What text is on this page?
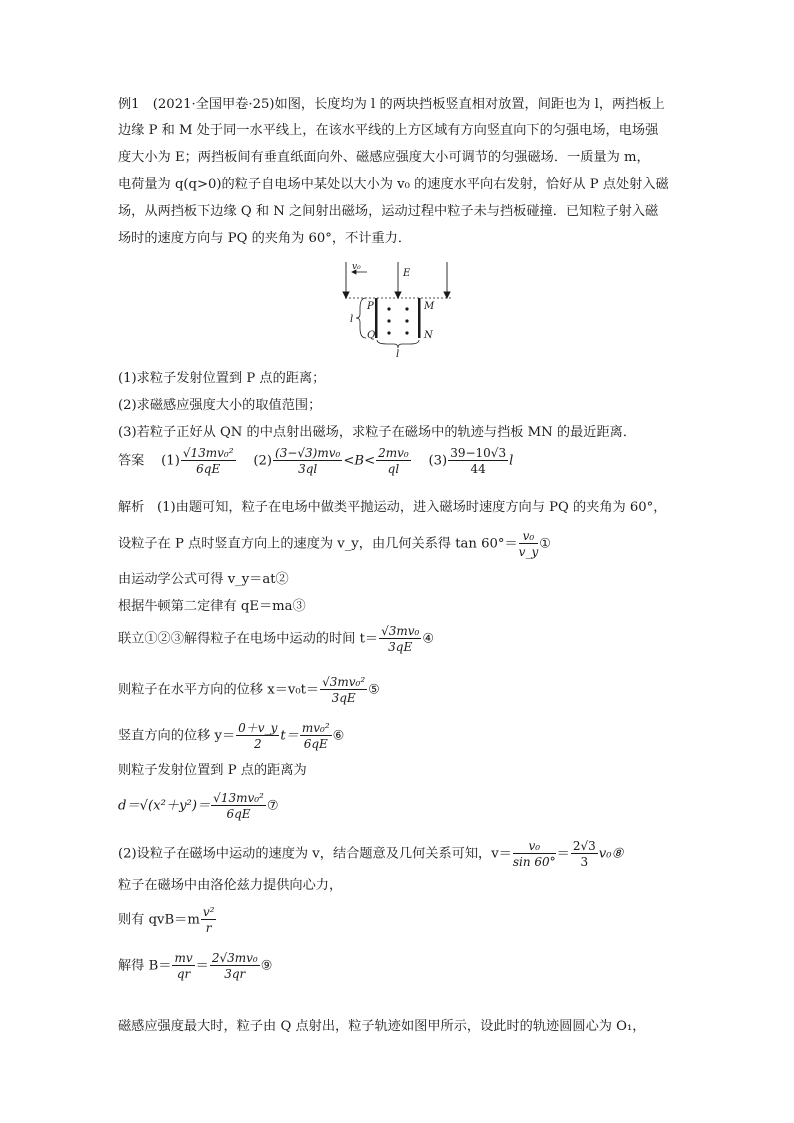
例1　(2021·全国甲卷·25)如图，长度均为 l 的两块挡板竖直相对放置，间距也为 l，两挡板上
边缘 P 和 M 处于同一水平线上，在该水平线的上方区域有方向竖直向下的匀强电场，电场强
度大小为 E；两挡板间有垂直纸面向外、磁感应强度大小可调节的匀强磁场．一质量为 m，
电荷量为 q(q>0)的粒子自电场中某处以大小为 v₀ 的速度水平向右发射，恰好从 P 点处射入磁
场，从两挡板下边缘 Q 和 N 之间射出磁场，运动过程中粒子未与挡板碰撞．已知粒子射入磁
场时的速度方向与 PQ 的夹角为 60°，不计重力．
v₀
E
P	M
Q	N
l
l
(1)求粒子发射位置到 P 点的距离；
(2)求磁感应强度大小的取值范围；
(3)若粒子正好从 QN 的中点射出磁场，求粒子在磁场中的轨迹与挡板 MN 的最近距离．
答案 $(1) \frac{\text{√13mv₀²}}{6qE} (2) \frac{\text{(3−√3)mv₀}}{3ql} <B< \frac{\text{2mv₀}}{ql} (3) \frac{39-10√3}{44}$ l
解析 (1)由题可知，粒子在电场中做类平抛运动，进入磁场时速度方向与 PQ 的夹角为 60°，
设粒子在 P 点时竖直方向上的速度为 v_y，由几何关系得 $\tan 60^\circ= \frac{\text{v₀}}{v\_y}$ ①
由运动学公式可得 v_y＝at②
根据牛顿第二定律有 qE＝ma③
联立①②③解得粒子在电场中运动的时间 $t= \frac{\text{√3mv₀}}{3qE}$ ④
则粒子在水平方向的位移 $x=v_0t= \frac{\text{√3mv₀²}}{3qE}$ ⑤
竖直方向的位移 $y= \frac{0+v\_y}{2} t= \frac{\text{mv₀²}}{6qE}$ ⑥
则粒子发射位置到 P 点的距离为
$d=√(x^2+y^2)= \frac{\text{√13mv₀²}}{6qE}$ ⑦
(2)设粒子在磁场中运动的速度为 v，结合题意及几何关系可知，$v= \frac{\text{v₀}}{\sin 60^\circ} = \frac{2√3}{3}$ v₀⑧
粒子在磁场中由洛伦兹力提供向心力，
则有 $qvB=m \frac{\text{v²}}{r}$
解得 $B= \frac{mv}{qr} = \frac{\text{2√3mv₀}}{3qr}$ ⑨
磁感应强度最大时，粒子由 Q 点射出，粒子轨迹如图甲所示，设此时的轨迹圆圆心为 O₁，
